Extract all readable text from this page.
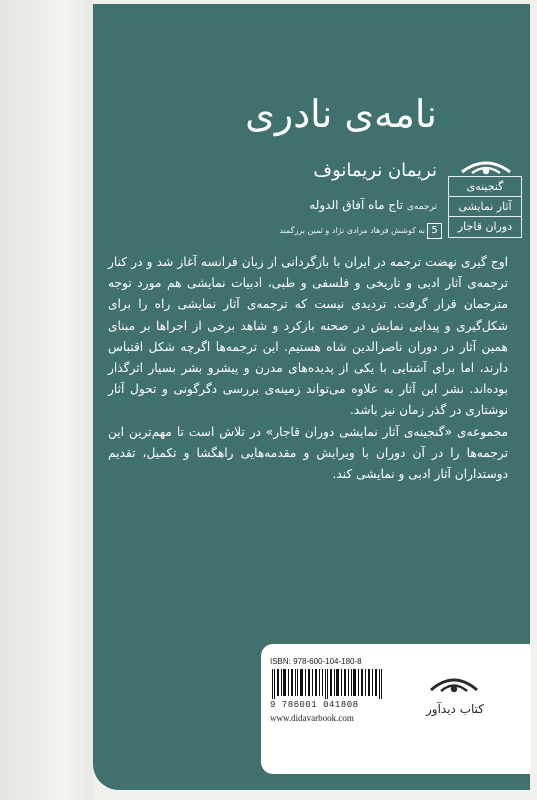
نامه‌ی نادری
نریمان نریمانوف
ترجمه‌ی تاج ماه آفاق الدوله
به کوشش فرهاد مرادی‌ نژاد و ثمین برزگمند 5
گنجینه‌ی
آثار نمایشی
دوران قاجار

اوج گیری نهضت ترجمه در ایران با بازگردانی از زبان فرانسه آغاز شد و در کنار ترجمه‌ی آثار ادبی و تاریخی و فلسفی و طبی، ادبیات نمایشی هم مورد توجه مترجمان قرار گرفت. تردیدی نیست که ترجمه‌ی آثار نمایشی راه را برای شکل‌گیری و پیدایی نمایش در صحنه بازکرد و شاهد برخی از اجراها بر مبنای همین آثار در دوران ناصرالدین شاه هستیم. این ترجمه‌ها اگرچه شکل اقتباس دارند، اما برای آشنایی با یکی از پدیده‌های مدرن و پیشرو بشر بسیار اثرگذار بوده‌اند. نشر این آثار به علاوه می‌تواند زمینه‌ی بررسی دگرگونی و تحول آثار نوشتاری در گذر زمان نیز باشد.

مجموعه‌ی «گنجینه‌ی آثار نمایشی دوران قاجار» در تلاش است تا مهم‌ترین این ترجمه‌ها را در آن دوران با ویرایش و مقدمه‌هایی راهگشا و تکمیل، تقدیم دوستداران آثار ادبی و نمایشی کند.

ISBN: 978-600-104-180-8
9 786001 041808
www.didavarbook.com
کتاب دیدآور
